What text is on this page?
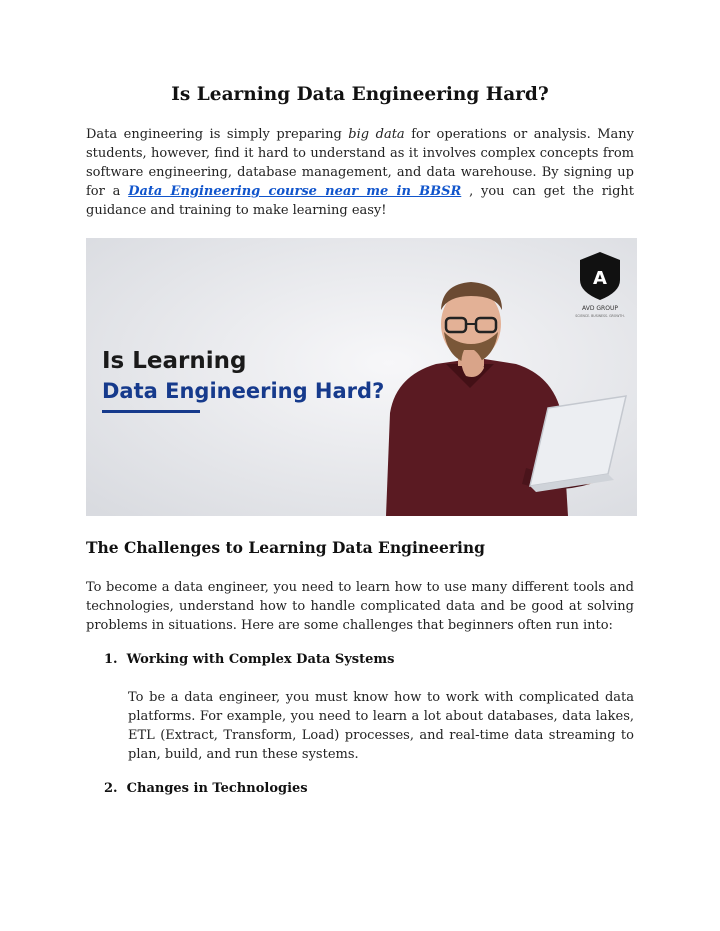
Is Learning Data Engineering Hard?

Data engineering is simply preparing big data for operations or analysis. Many students, however, find it hard to understand as it involves complex concepts from software engineering, database management, and data warehouse. By signing up for a Data Engineering course near me in BBSR , you can get the right guidance and training to make learning easy!

Is Learning
Data Engineering Hard?
A
AVD GROUP
SCIENCE. BUSINESS. GROWTH.
The Challenges to Learning Data Engineering

To become a data engineer, you need to learn how to use many different tools and technologies, understand how to handle complicated data and be good at solving problems in situations. Here are some challenges that beginners often run into:

1. Working with Complex Data Systems

To be a data engineer, you must know how to work with complicated data platforms. For example, you need to learn a lot about databases, data lakes, ETL (Extract, Transform, Load) processes, and real-time data streaming to plan, build, and run these systems.

2. Changes in Technologies
